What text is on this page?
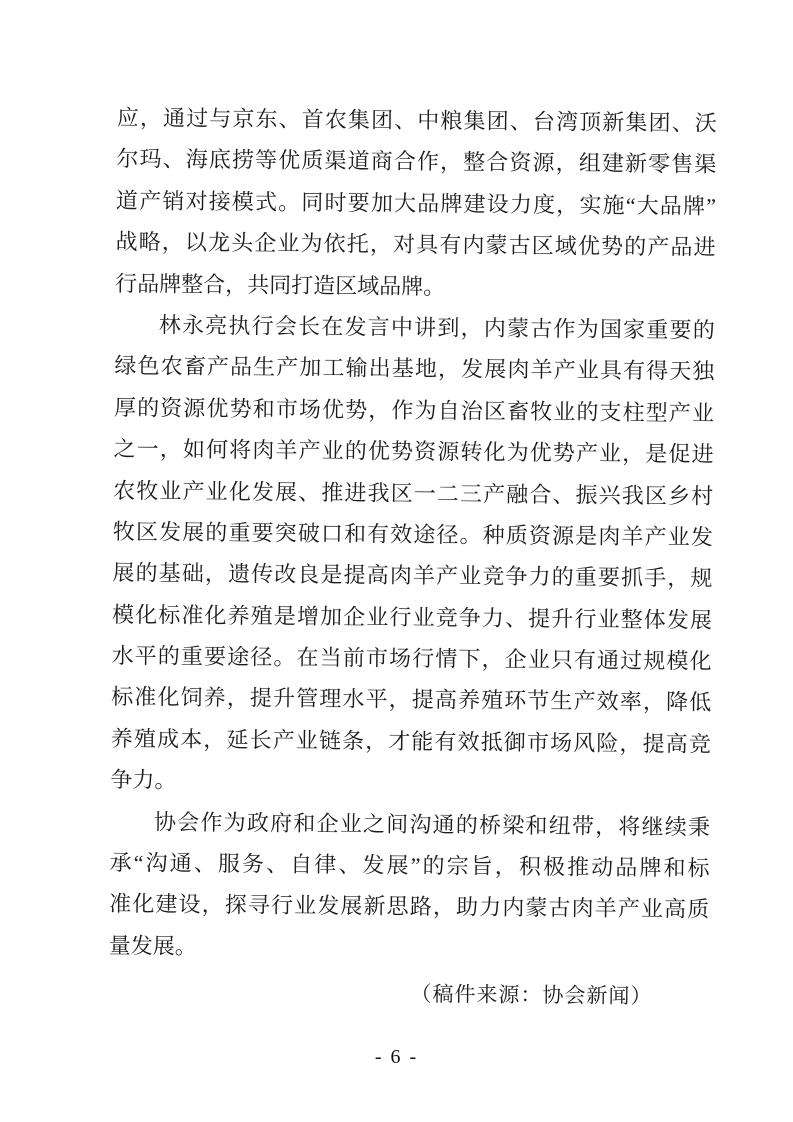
应，通过与京东、首农集团、中粮集团、台湾顶新集团、沃
尔玛、海底捞等优质渠道商合作，整合资源，组建新零售渠
道产销对接模式。同时要加大品牌建设力度，实施“大品牌”
战略，以龙头企业为依托，对具有内蒙古区域优势的产品进
行品牌整合，共同打造区域品牌。
林永亮执行会长在发言中讲到，内蒙古作为国家重要的
绿色农畜产品生产加工输出基地，发展肉羊产业具有得天独
厚的资源优势和市场优势，作为自治区畜牧业的支柱型产业
之一，如何将肉羊产业的优势资源转化为优势产业，是促进
农牧业产业化发展、推进我区一二三产融合、振兴我区乡村
牧区发展的重要突破口和有效途径。种质资源是肉羊产业发
展的基础，遗传改良是提高肉羊产业竞争力的重要抓手，规
模化标准化养殖是增加企业行业竞争力、提升行业整体发展
水平的重要途径。在当前市场行情下，企业只有通过规模化
标准化饲养，提升管理水平，提高养殖环节生产效率，降低
养殖成本，延长产业链条，才能有效抵御市场风险，提高竞
争力。
协会作为政府和企业之间沟通的桥梁和纽带，将继续秉
承“沟通、服务、自律、发展”的宗旨，积极推动品牌和标
准化建设，探寻行业发展新思路，助力内蒙古肉羊产业高质
量发展。
（稿件来源：协会新闻）
- 6 -
